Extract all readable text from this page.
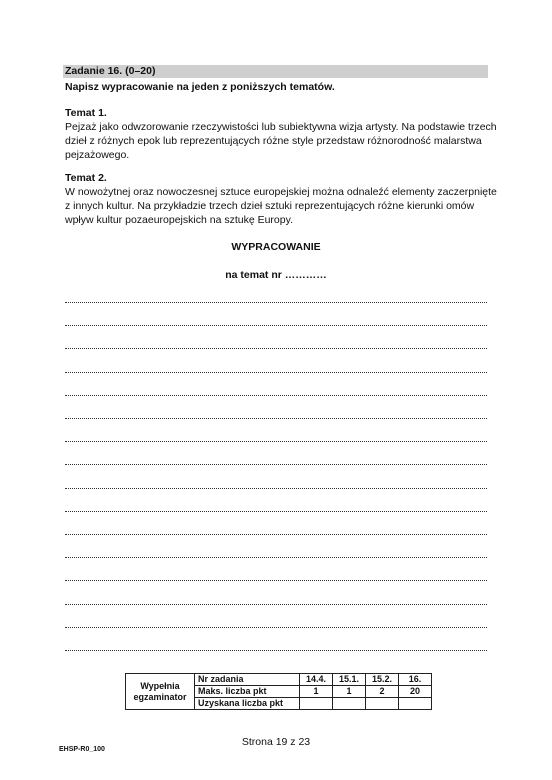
Zadanie 16. (0–20)
Napisz wypracowanie na jeden z poniższych tematów.
Temat 1.
Pejzaż jako odwzorowanie rzeczywistości lub subiektywna wizja artysty. Na podstawie trzech
dzieł z różnych epok lub reprezentujących różne style przedstaw różnorodność malarstwa
pejzażowego.
Temat 2.
W nowożytnej oraz nowoczesnej sztuce europejskiej można odnaleźć elementy zaczerpnięte
z innych kultur. Na przykładzie trzech dzieł sztuki reprezentujących różne kierunki omów
wpływ kultur pozaeuropejskich na sztukę Europy.
WYPRACOWANIE
na temat nr …………
Wypełnia
egzaminator	Nr zadania	14.4.	15.1.	15.2.	16.
	Maks. liczba pkt	1	1	2	20
	Uzyskana liczba pkt				
Strona 19 z 23
EHSP-R0_100
